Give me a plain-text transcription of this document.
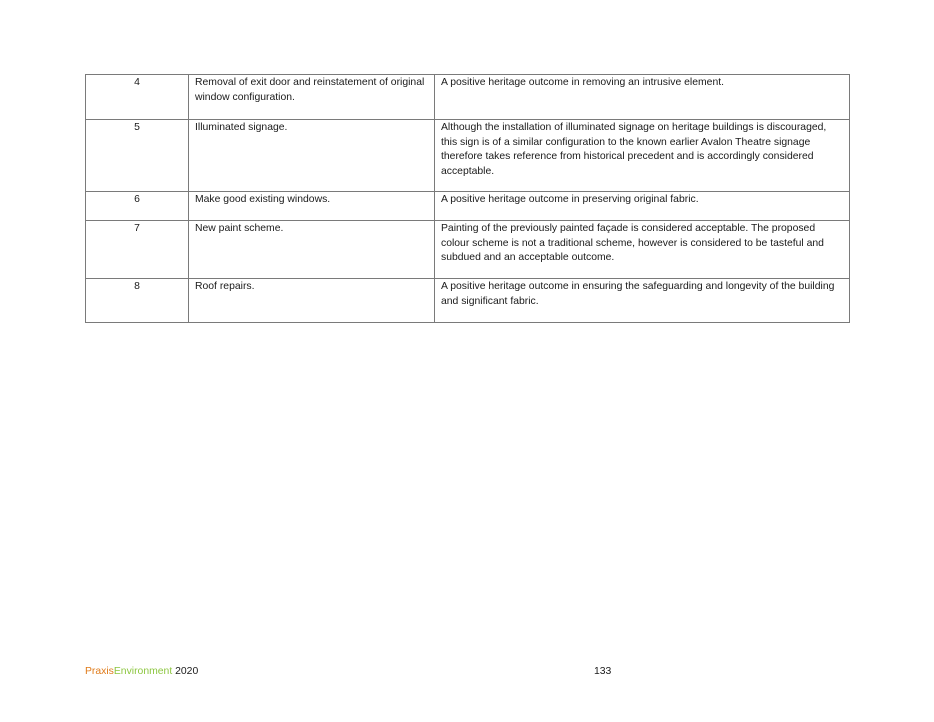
4	Removal of exit door and reinstatement of original window configuration.	A positive heritage outcome in removing an intrusive element.
5	Illuminated signage.	Although the installation of illuminated signage on heritage buildings is discouraged, this sign is of a similar configuration to the known earlier Avalon Theatre signage therefore takes reference from historical precedent and is accordingly considered acceptable.
6	Make good existing windows.	A positive heritage outcome in preserving original fabric.
7	New paint scheme.	Painting of the previously painted façade is considered acceptable. The proposed colour scheme is not a traditional scheme, however is considered to be tasteful and subdued and an acceptable outcome.
8	Roof repairs.	A positive heritage outcome in ensuring the safeguarding and longevity of the building and significant fabric.
PraxisEnvironment 2020	133
